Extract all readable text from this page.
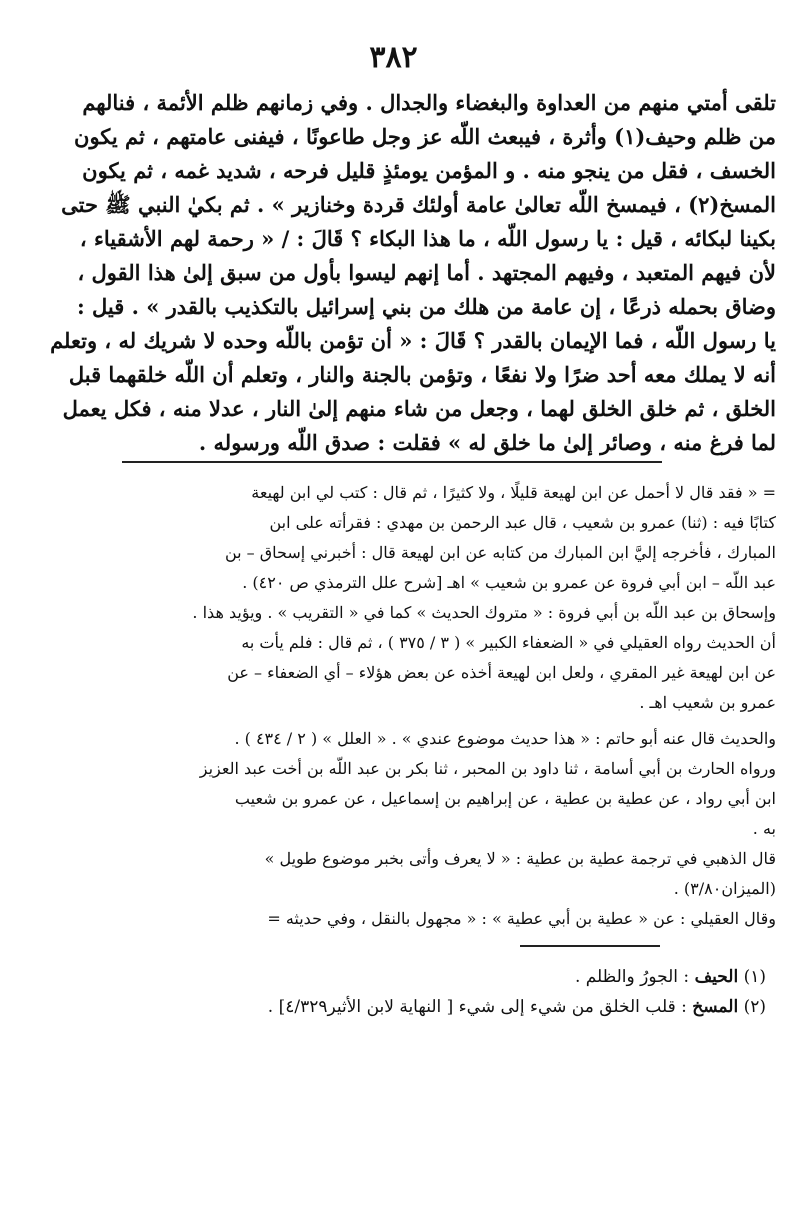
٣٨٢

تلقى أمتي منهم من العداوة والبغضاء والجدال . وفي زمانهم ظلم الأئمة ، فنالهم

من ظلم وحيف(١) وأثرة ، فيبعث اللّه عز وجل طاعونًا ، فيفنى عامتهم ، ثم يكون

الخسف ، فقل من ينجو منه . و المؤمن يومئذٍ قليل فرحه ، شديد غمه ، ثم يكون

المسخ(٢) ، فيمسخ اللّه تعالىٰ عامة أولئك قردة وخنازير » . ثم بكيٰ النبي ﷺ حتى

بكينا لبكائه ، قيل : يا رسول اللّه ، ما هذا البكاء ؟ قَالَ : / « رحمة لهم الأشقياء ،

لأن فيهم المتعبد ، وفيهم المجتهد . أما إنهم ليسوا بأول من سبق إلىٰ هذا القول ،

وضاق بحمله ذرعًا ، إن عامة من هلك من بني إسرائيل بالتكذيب بالقدر » . قيل :

يا رسول اللّه ، فما الإيمان بالقدر ؟ قَالَ : « أن تؤمن باللّه وحده لا شريك له ، وتعلم

أنه لا يملك معه أحد ضرًا ولا نفعًا ، وتؤمن بالجنة والنار ، وتعلم أن اللّه خلقهما قبل

الخلق ، ثم خلق الخلق لهما ، وجعل من شاء منهم إلىٰ النار ، عدلا منه ، فكل يعمل

لما فرغ منه ، وصائر إلىٰ ما خلق له » فقلت : صدق اللّه ورسوله .

= « فقد قال لا أحمل عن ابن لهيعة قليلًا ، ولا كثيرًا ، ثم قال : كتب لي ابن لهيعة

كتابًا فيه : (ثنا) عمرو بن شعيب ، قال عبد الرحمن بن مهدي : فقرأته على ابن

المبارك ، فأخرجه إليَّ ابن المبارك من كتابه عن ابن لهيعة قال : أخبرني إسحاق – بن

عبد اللّه – ابن أبي فروة عن عمرو بن شعيب » اهـ [شرح علل الترمذي ص ٤٢٠) .

وإسحاق بن عبد اللّه بن أبي فروة : « متروك الحديث » كما في « التقريب » . ويؤيد هذا .

أن الحديث رواه العقيلي في « الضعفاء الكبير » ( ٣ / ٣٧٥ ) ، ثم قال : فلم يأت به

عن ابن لهيعة غير المقري ، ولعل ابن لهيعة أخذه عن بعض هؤلاء – أي الضعفاء – عن

عمرو بن شعيب اهـ .

والحديث قال عنه أبو حاتم : « هذا حديث موضوع عندي » . « العلل » ( ٢ / ٤٣٤ ) .

ورواه الحارث بن أبي أسامة ، ثنا داود بن المحبر ، ثنا بكر بن عبد اللّه بن أخت عبد العزيز

ابن أبي رواد ، عن عطية بن عطية ، عن إبراهيم بن إسماعيل ، عن عمرو بن شعيب

به .

قال الذهبي في ترجمة عطية بن عطية : « لا يعرف وأتى بخبر موضوع طويل »

(الميزان٣/٨٠) .

وقال العقيلي : عن « عطية بن أبي عطية » : « مجهول بالنقل ، وفي حديثه =

(١) الحيف : الجورُ والظلم .

(٢) المسخ : قلب الخلق من شيء إلى شيء [ النهاية لابن الأثير٤/٣٢٩] .
